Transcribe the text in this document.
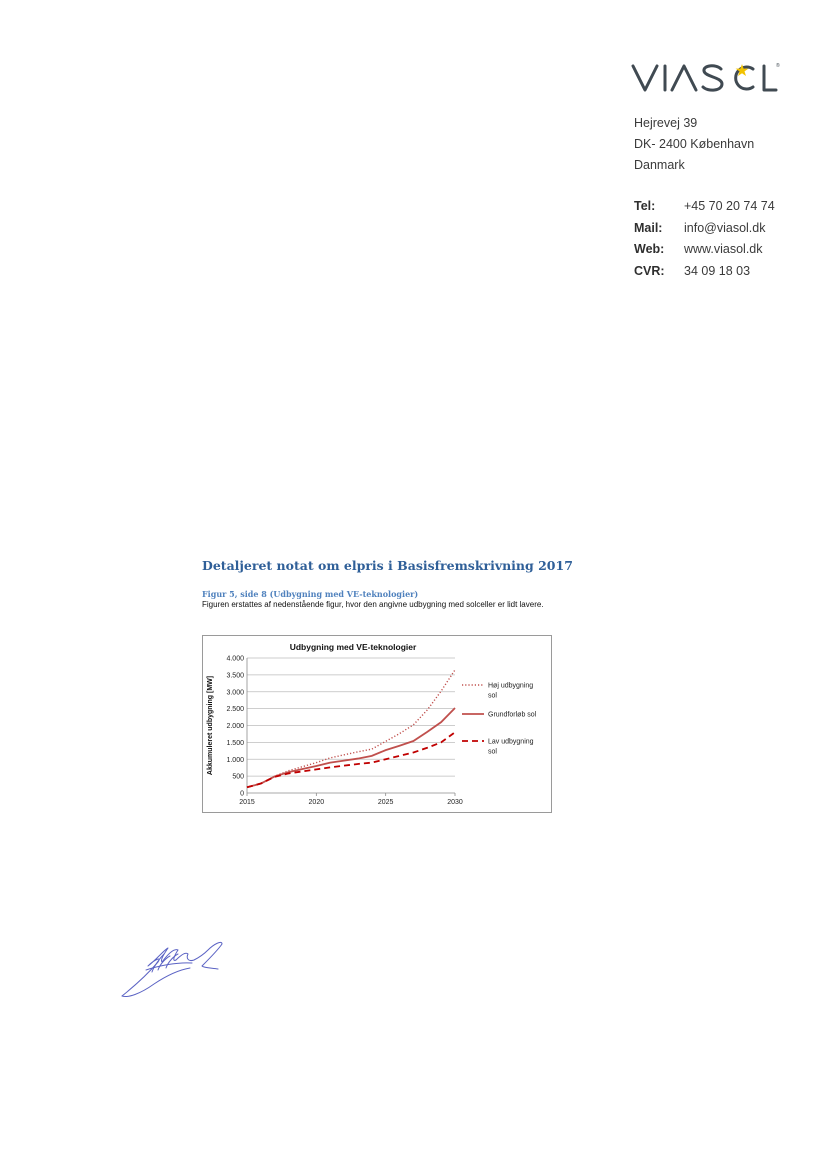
®
Hejrevej 39
DK- 2400 København
Danmark
Tel:	+45 70 20 74 74
Mail:	info@viasol.dk
Web:	www.viasol.dk
CVR:	34 09 18 03
Detaljeret notat om elpris i Basisfremskrivning 2017
Figur 5, side 8 (Udbygning med VE-teknologier)
Figuren erstattes af nedenstående figur, hvor den angivne udbygning med solceller er lidt lavere.
0
500
1.000
1.500
2.000
2.500
3.000
3.500
4.000
2015	2020	2025	2030
Udbygning med VE-teknologier
Akkumuleret udbygning [MW]	Høj udbygning
sol
Grundforløb sol
Lav udbygning
sol
